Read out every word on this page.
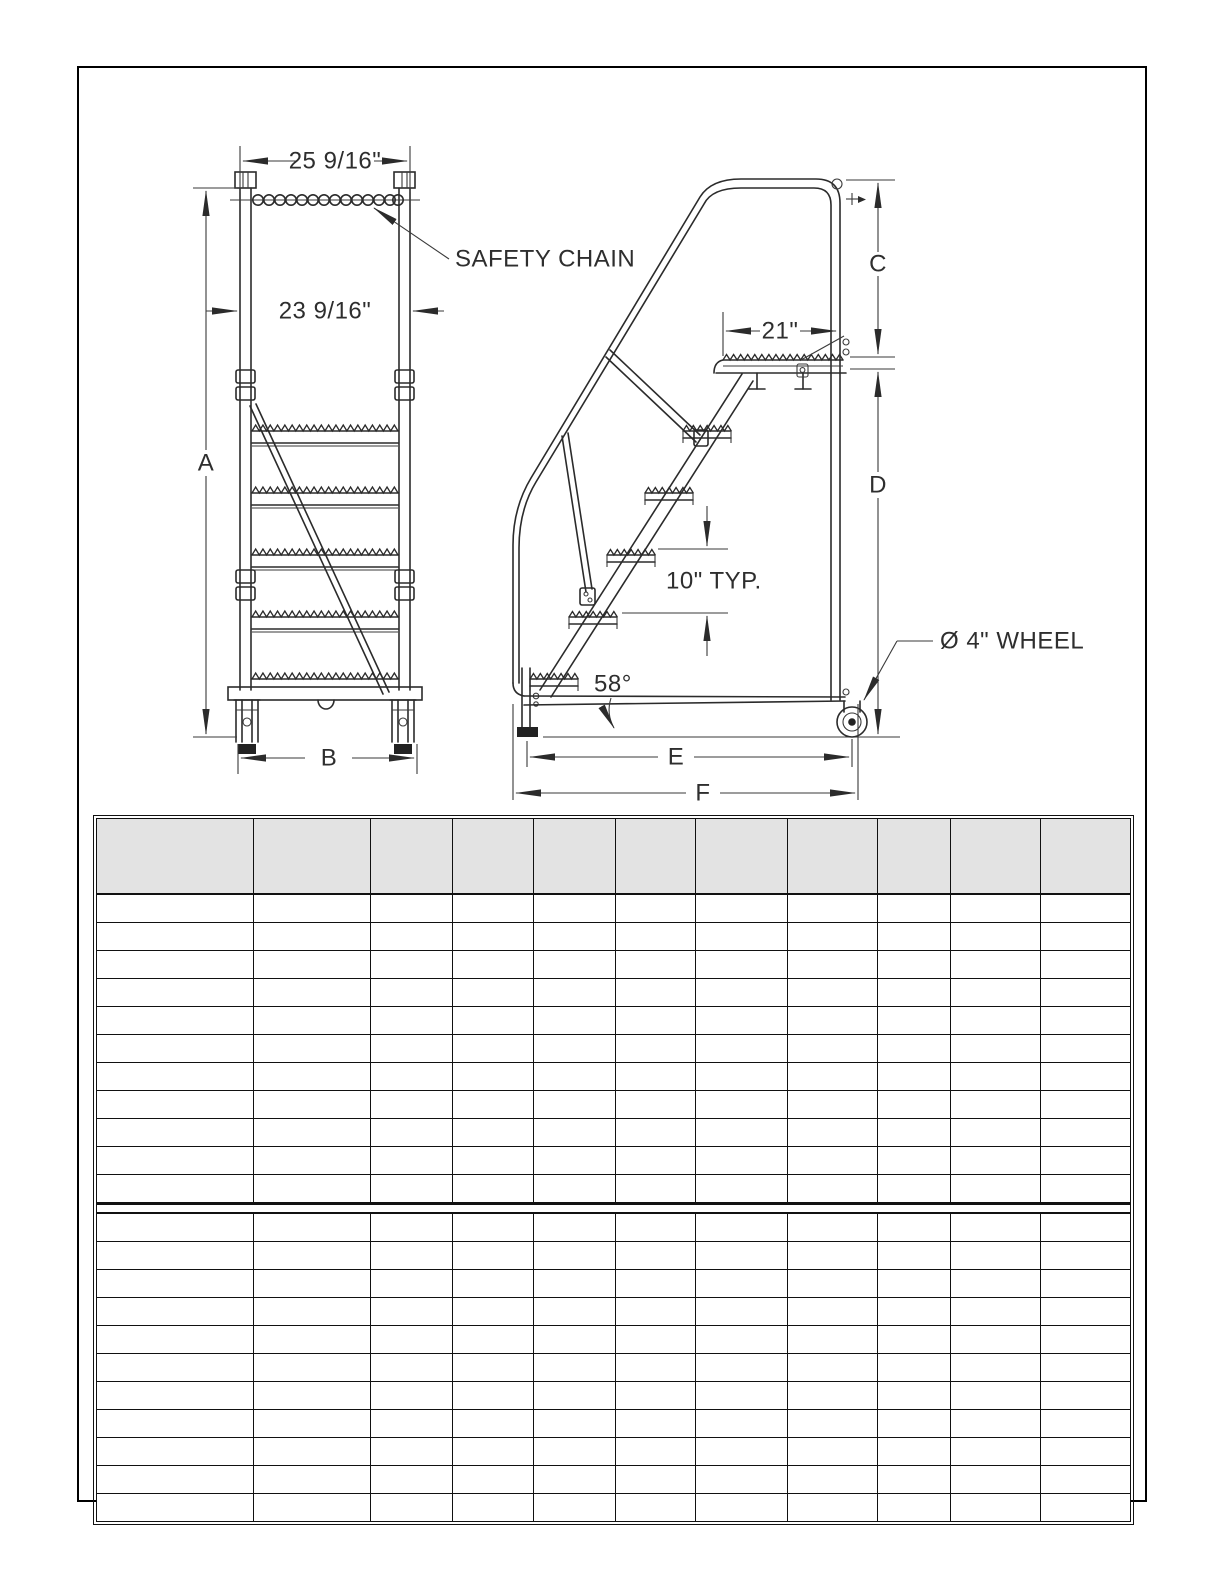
25 9/16"
A
23 9/16"
SAFETY CHAIN
B
21"
C
D
10" TYP.
58°
Ø 4" WHEEL
E
F
